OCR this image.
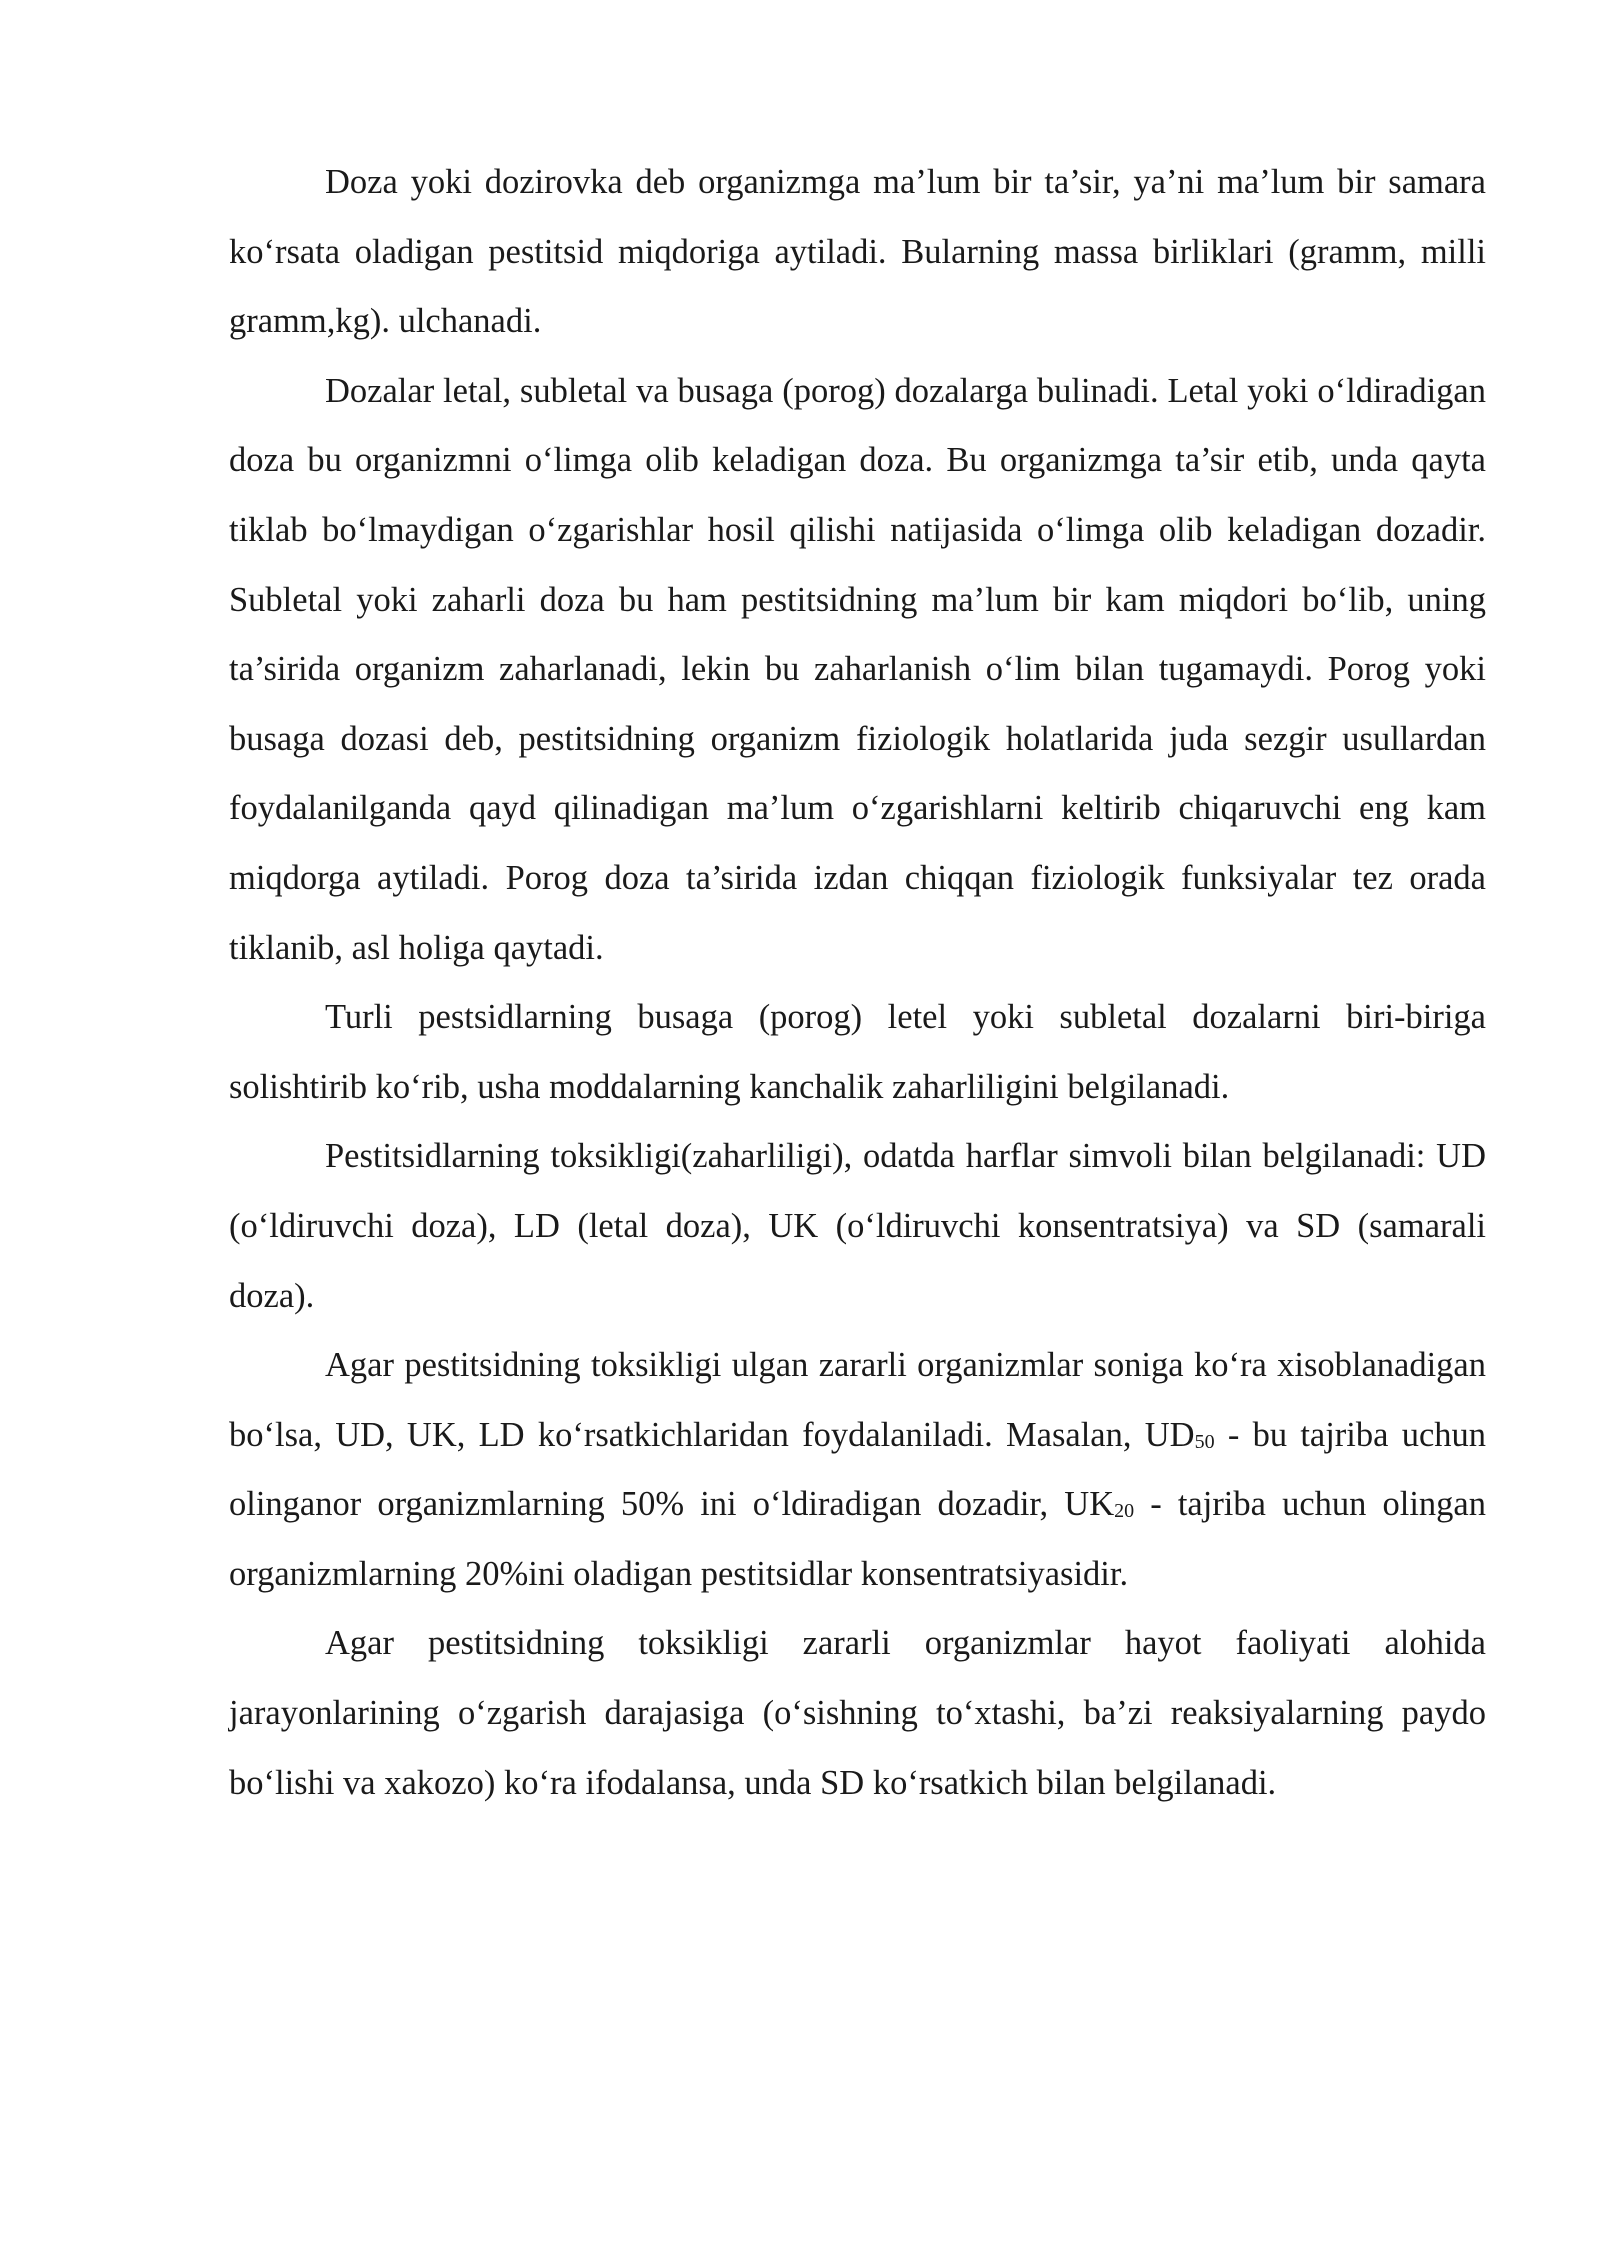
Doza yoki dozirovka deb organizmga ma’lum bir ta’sir, ya’ni ma’lum bir samara ko‘rsata oladigan pestitsid miqdoriga aytiladi. Bularning massa birliklari (gramm, milli gramm,kg). ulchanadi.

Dozalar letal, subletal va busaga (porog) dozalarga bulinadi. Letal yoki o‘ldiradigan doza bu organizmni o‘limga olib keladigan doza. Bu organizmga ta’sir etib, unda qayta tiklab bo‘lmaydigan o‘zgarishlar hosil qilishi natijasida o‘limga olib keladigan dozadir. Subletal yoki zaharli doza bu ham pestitsidning ma’lum bir kam miqdori bo‘lib, uning ta’sirida organizm zaharlanadi, lekin bu zaharlanish o‘lim bilan tugamaydi. Porog yoki busaga dozasi deb, pestitsidning organizm fiziologik holatlarida juda sezgir usullardan foydalanilganda qayd qilinadigan ma’lum o‘zgarishlarni keltirib chiqaruvchi eng kam miqdorga aytiladi. Porog doza ta’sirida izdan chiqqan fiziologik funksiyalar tez orada tiklanib, asl holiga qaytadi.

Turli pestsidlarning busaga (porog) letel yoki subletal dozalarni biri-biriga solishtirib ko‘rib, usha moddalarning kanchalik zaharliligini belgilanadi.

Pestitsidlarning toksikligi(zaharliligi), odatda harflar simvoli bilan belgilanadi: UD (o‘ldiruvchi doza), LD (letal doza), UK (o‘ldiruvchi konsentratsiya) va SD (samarali doza).

Agar pestitsidning toksikligi ulgan zararli organizmlar soniga ko‘ra xisoblanadigan bo‘lsa, UD, UK, LD ko‘rsatkichlaridan foydalaniladi. Masalan, $UD_{50}$ - bu tajriba uchun olinganor organizmlarning 50% ini o‘ldiradigan dozadir, $UK_{20}$ - tajriba uchun olingan organizmlarning 20%ini oladigan pestitsidlar konsentratsiyasidir.

Agar pestitsidning toksikligi zararli organizmlar hayot faoliyati alohida jarayonlarining o‘zgarish darajasiga (o‘sishning to‘xtashi, ba’zi reaksiyalarning paydo bo‘lishi va xakozo) ko‘ra ifodalansa, unda SD ko‘rsatkich bilan belgilanadi.
